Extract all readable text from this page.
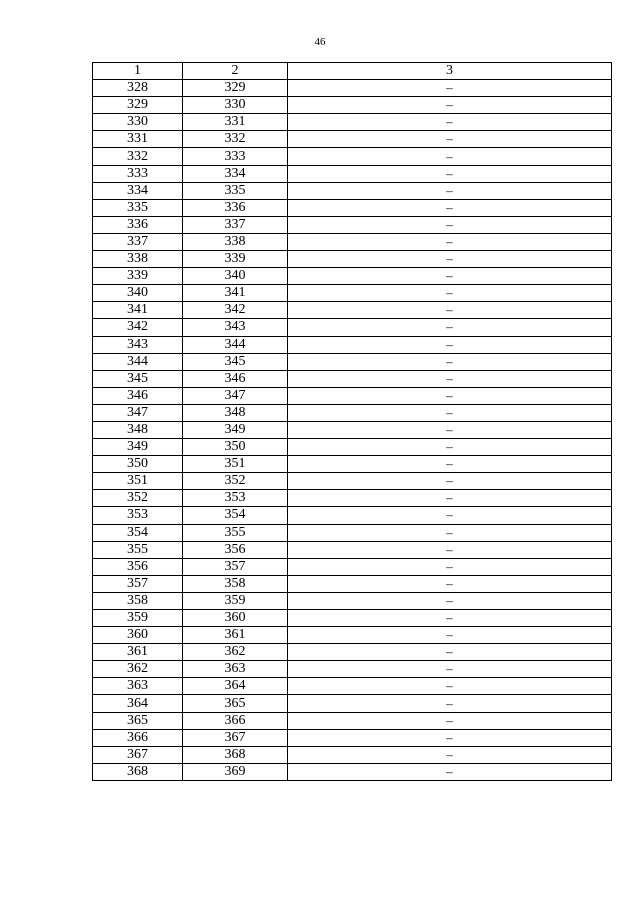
46
1	2	3
328	329	–
329	330	–
330	331	–
331	332	–
332	333	–
333	334	–
334	335	–
335	336	–
336	337	–
337	338	–
338	339	–
339	340	–
340	341	–
341	342	–
342	343	–
343	344	–
344	345	–
345	346	–
346	347	–
347	348	–
348	349	–
349	350	–
350	351	–
351	352	–
352	353	–
353	354	–
354	355	–
355	356	–
356	357	–
357	358	–
358	359	–
359	360	–
360	361	–
361	362	–
362	363	–
363	364	–
364	365	–
365	366	–
366	367	–
367	368	–
368	369	–
